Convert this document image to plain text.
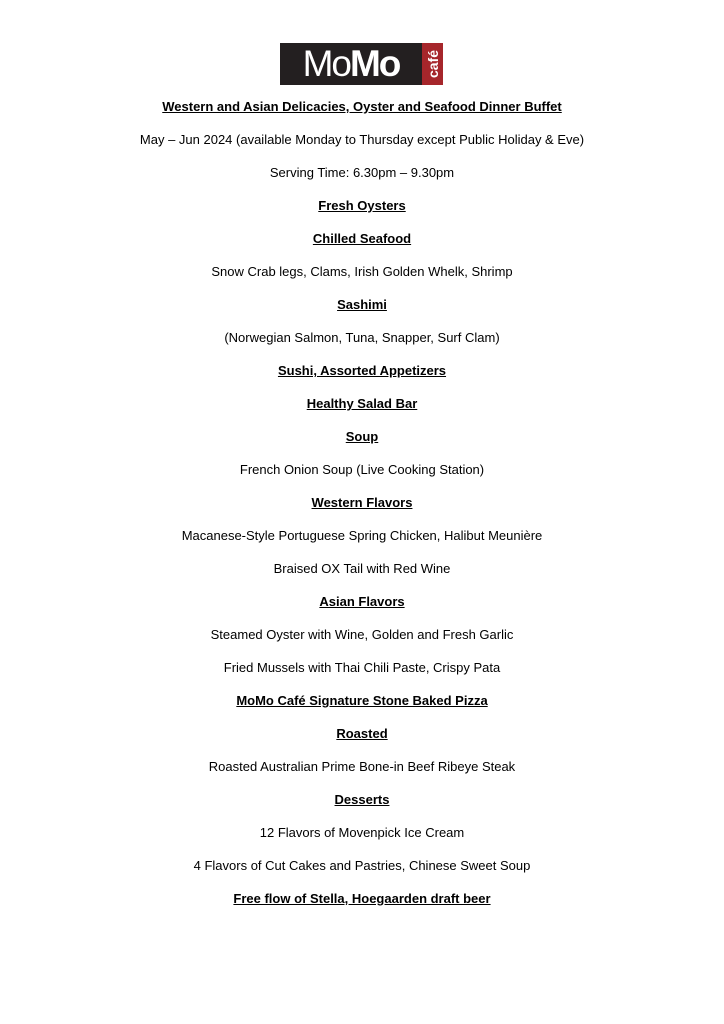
Mo Mo café
Western and Asian Delicacies, Oyster and Seafood Dinner Buffet
May – Jun 2024 (available Monday to Thursday except Public Holiday & Eve)
Serving Time: 6.30pm – 9.30pm
Fresh Oysters
Chilled Seafood
Snow Crab legs, Clams, Irish Golden Whelk, Shrimp
Sashimi
(Norwegian Salmon, Tuna, Snapper, Surf Clam)
Sushi, Assorted Appetizers
Healthy Salad Bar
Soup
French Onion Soup (Live Cooking Station)
Western Flavors
Macanese-Style Portuguese Spring Chicken, Halibut Meunière
Braised OX Tail with Red Wine
Asian Flavors
Steamed Oyster with Wine, Golden and Fresh Garlic
Fried Mussels with Thai Chili Paste, Crispy Pata
MoMo Café Signature Stone Baked Pizza
Roasted
Roasted Australian Prime Bone-in Beef Ribeye Steak
Desserts
12 Flavors of Movenpick Ice Cream
4 Flavors of Cut Cakes and Pastries, Chinese Sweet Soup
Free flow of Stella, Hoegaarden draft beer
